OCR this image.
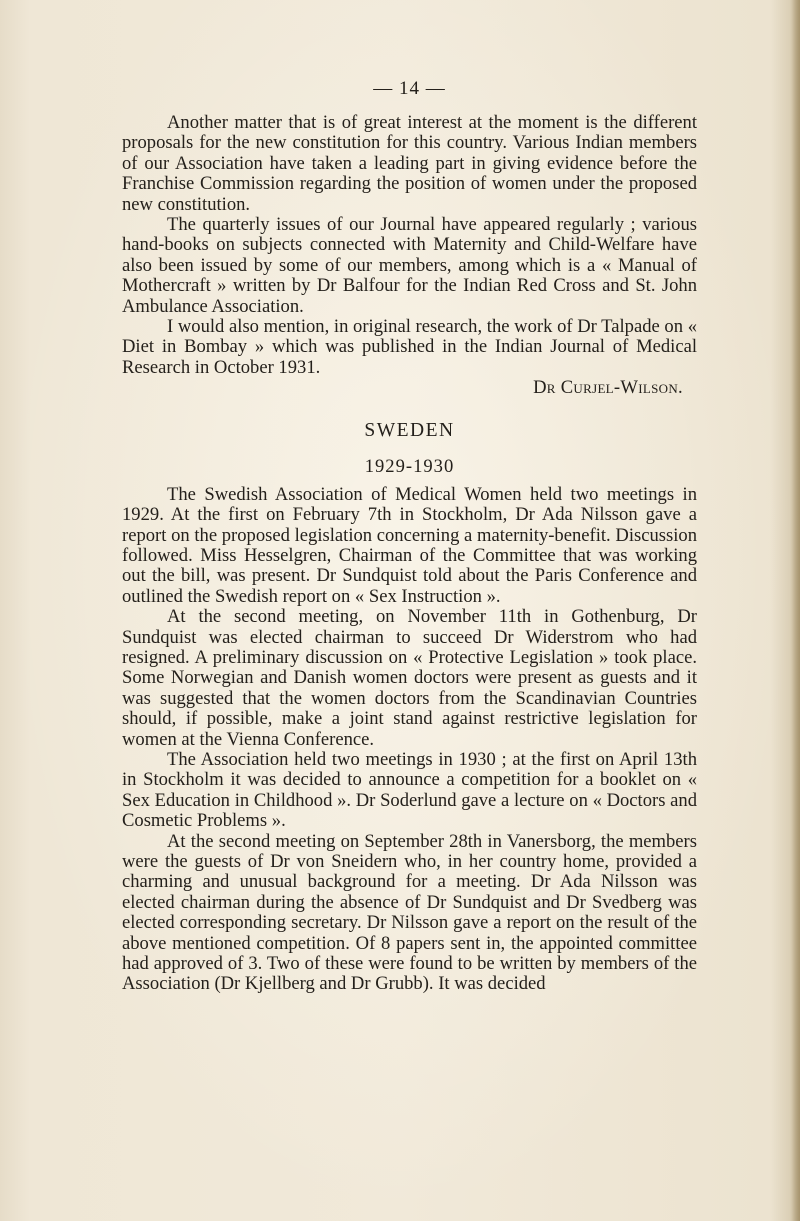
— 14 —

Another matter that is of great interest at the moment is the different proposals for the new constitution for this country. Various Indian members of our Association have taken a leading part in giving evidence before the Franchise Commission regarding the position of women under the proposed new constitution.

The quarterly issues of our Journal have appeared regularly ; various hand-books on subjects connected with Maternity and Child-Welfare have also been issued by some of our members, among which is a « Manual of Mothercraft » written by Dr Balfour for the Indian Red Cross and St. John Ambulance Association.

I would also mention, in original research, the work of Dr Talpade on « Diet in Bombay » which was published in the Indian Journal of Medical Research in October 1931.

Dr Curjel-Wilson.
SWEDEN
1929-1930

The Swedish Association of Medical Women held two meetings in 1929. At the first on February 7th in Stockholm, Dr Ada Nilsson gave a report on the proposed legislation concerning a maternity-benefit. Discussion followed. Miss Hesselgren, Chairman of the Committee that was working out the bill, was present. Dr Sundquist told about the Paris Conference and outlined the Swedish report on « Sex Instruction ».

At the second meeting, on November 11th in Gothenburg, Dr Sundquist was elected chairman to succeed Dr Widerstrom who had resigned. A preliminary discussion on « Protective Legislation » took place. Some Norwegian and Danish women doctors were present as guests and it was suggested that the women doctors from the Scandinavian Countries should, if possible, make a joint stand against restrictive legislation for women at the Vienna Conference.

The Association held two meetings in 1930 ; at the first on April 13th in Stockholm it was decided to announce a competition for a booklet on « Sex Education in Childhood ». Dr Soderlund gave a lecture on « Doctors and Cosmetic Problems ».

At the second meeting on September 28th in Vanersborg, the members were the guests of Dr von Sneidern who, in her country home, provided a charming and unusual background for a meeting. Dr Ada Nilsson was elected chairman during the absence of Dr Sundquist and Dr Svedberg was elected corresponding secretary. Dr Nilsson gave a report on the result of the above mentioned competition. Of 8 papers sent in, the appointed committee had approved of 3. Two of these were found to be written by members of the Association (Dr Kjellberg and Dr Grubb). It was decided
